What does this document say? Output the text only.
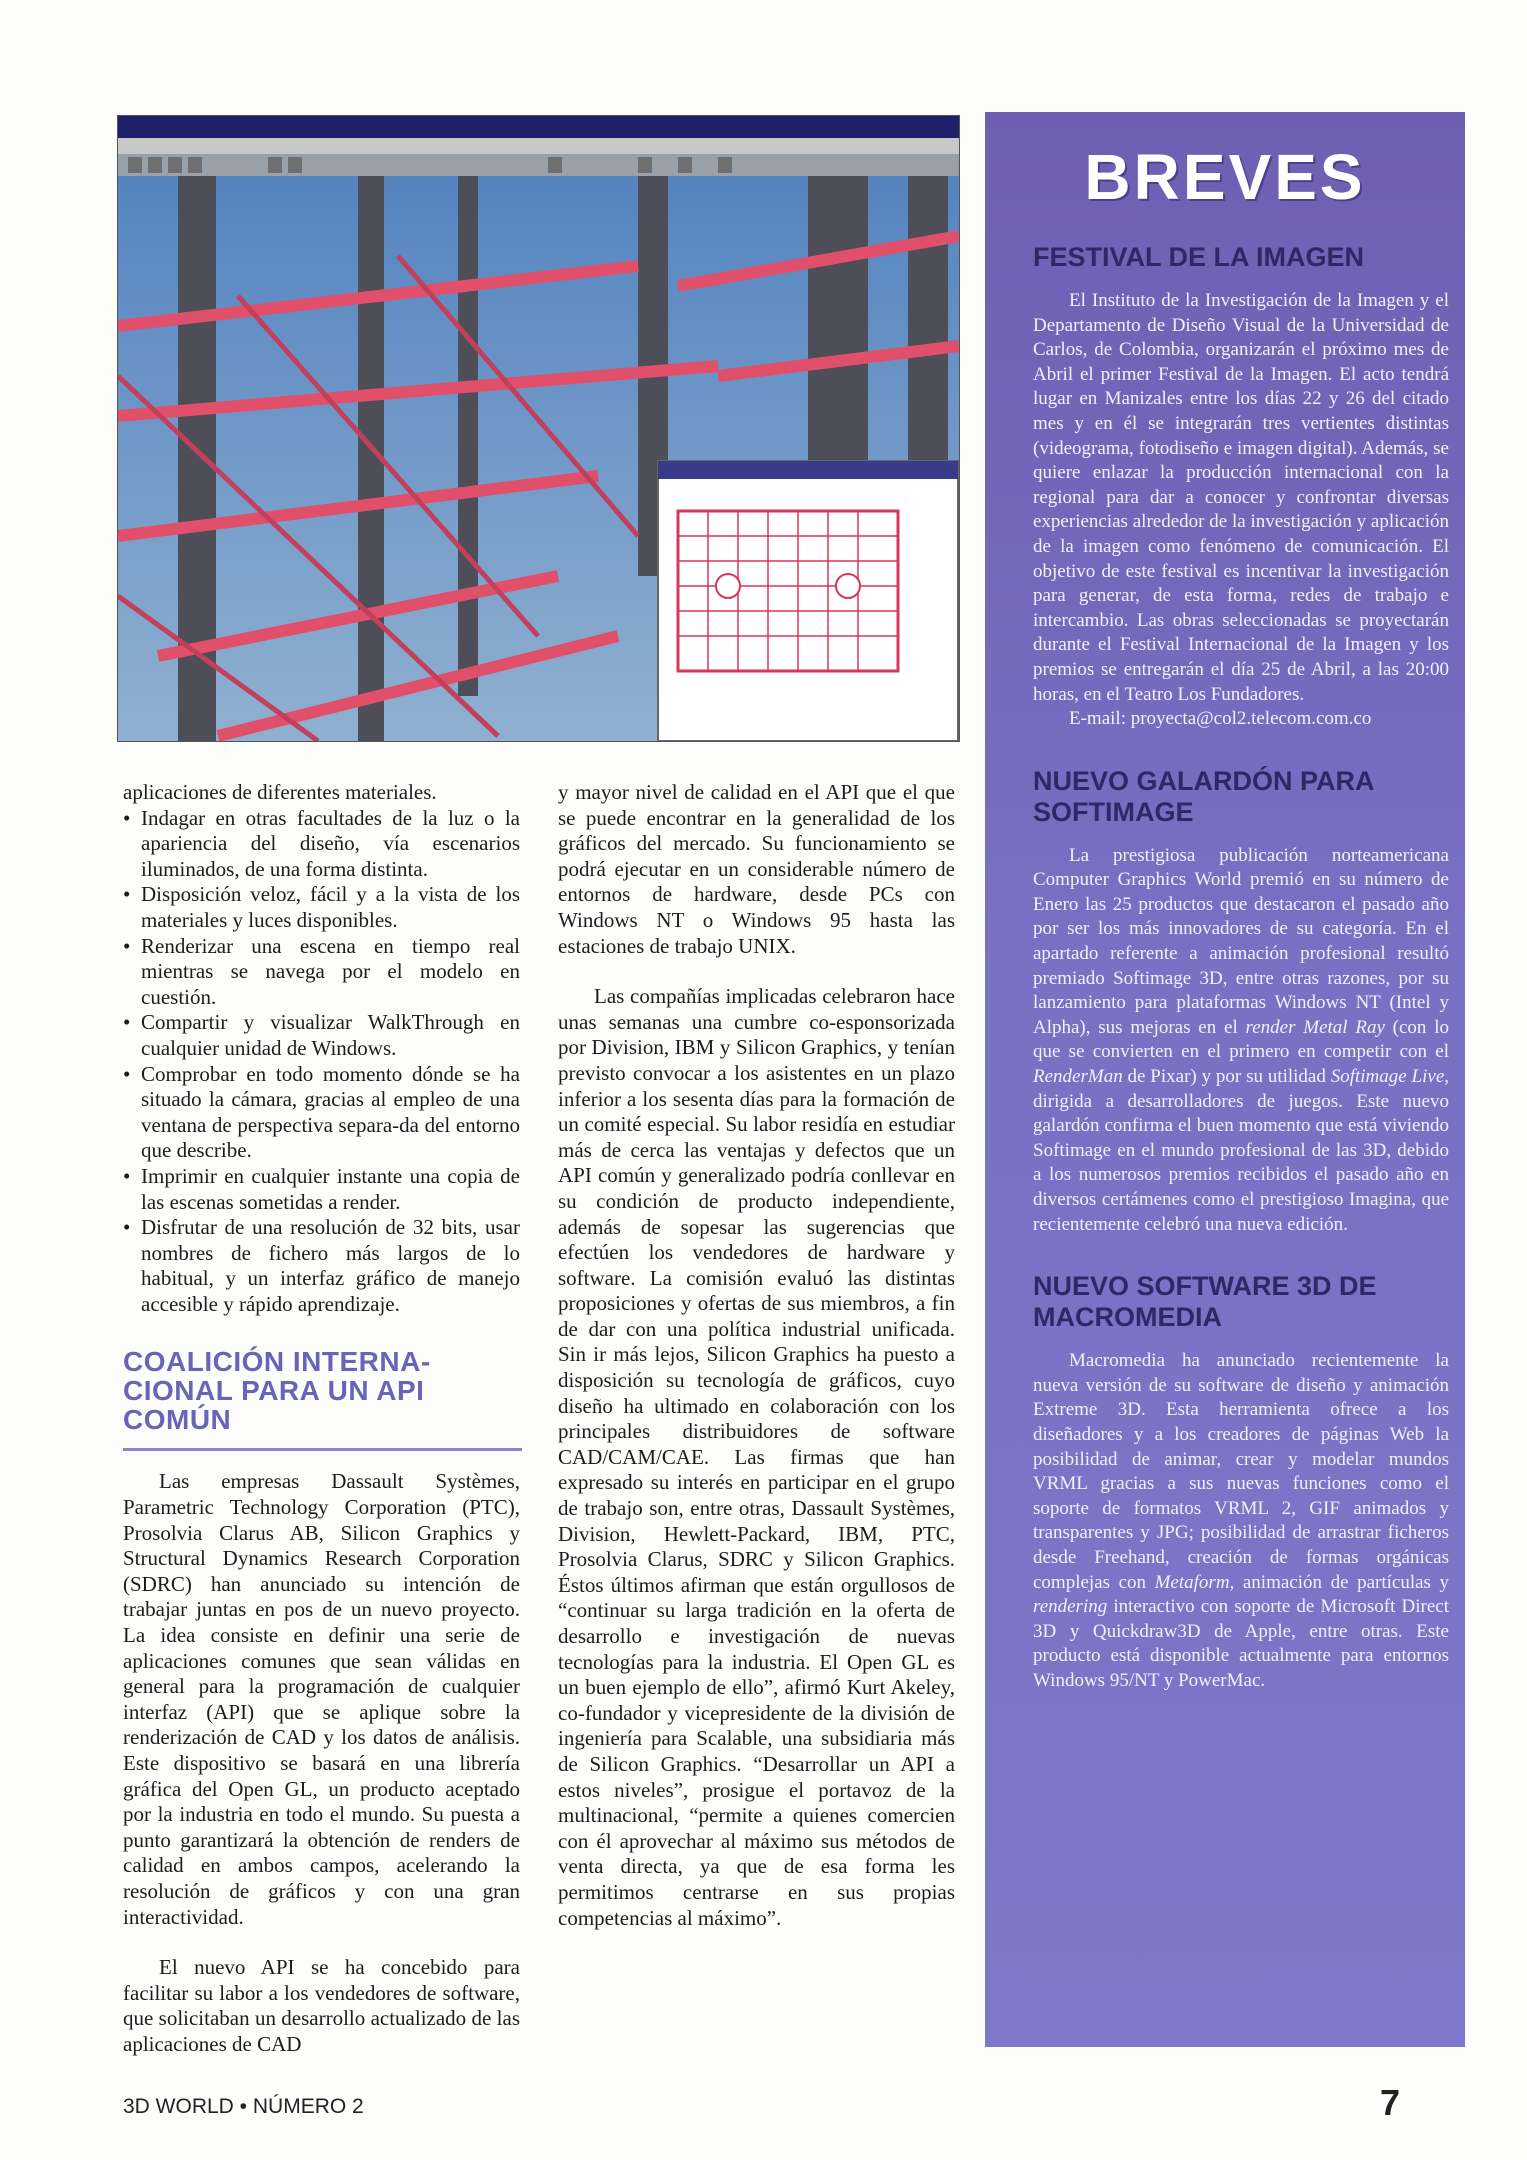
aplicaciones de diferentes materiales.

• Indagar en otras facultades de la luz o la apariencia del diseño, vía escenarios iluminados, de una forma distinta.
• Disposición veloz, fácil y a la vista de los materiales y luces disponibles.
• Renderizar una escena en tiempo real mientras se navega por el modelo en cuestión.
• Compartir y visualizar WalkThrough en cualquier unidad de Windows.
• Comprobar en todo momento dónde se ha situado la cámara, gracias al empleo de una ventana de perspectiva separa-da del entorno que describe.
• Imprimir en cualquier instante una copia de las escenas sometidas a render.
• Disfrutar de una resolución de 32 bits, usar nombres de fichero más largos de lo habitual, y un interfaz gráfico de manejo accesible y rápido aprendizaje.
COALICIÓN INTERNA-CIONAL PARA UN API COMÚN

Las empresas Dassault Systèmes, Parametric Technology Corporation (PTC), Prosolvia Clarus AB, Silicon Graphics y Structural Dynamics Research Corporation (SDRC) han anunciado su intención de trabajar juntas en pos de un nuevo proyecto. La idea consiste en definir una serie de aplicaciones comunes que sean válidas en general para la programación de cualquier interfaz (API) que se aplique sobre la renderización de CAD y los datos de análisis. Este dispositivo se basará en una librería gráfica del Open GL, un producto aceptado por la industria en todo el mundo. Su puesta a punto garantizará la obtención de renders de calidad en ambos campos, acelerando la resolución de gráficos y con una gran interactividad.

El nuevo API se ha concebido para facilitar su labor a los vendedores de software, que solicitaban un desarrollo actualizado de las aplicaciones de CAD

y mayor nivel de calidad en el API que el que se puede encontrar en la generalidad de los gráficos del mercado. Su funcionamiento se podrá ejecutar en un considerable número de entornos de hardware, desde PCs con Windows NT o Windows 95 hasta las estaciones de trabajo UNIX.

Las compañías implicadas celebraron hace unas semanas una cumbre co-esponsorizada por Division, IBM y Silicon Graphics, y tenían previsto convocar a los asistentes en un plazo inferior a los sesenta días para la formación de un comité especial. Su labor residía en estudiar más de cerca las ventajas y defectos que un API común y generalizado podría conllevar en su condición de producto independiente, además de sopesar las sugerencias que efectúen los vendedores de hardware y software. La comisión evaluó las distintas proposiciones y ofertas de sus miembros, a fin de dar con una política industrial unificada. Sin ir más lejos, Silicon Graphics ha puesto a disposición su tecnología de gráficos, cuyo diseño ha ultimado en colaboración con los principales distribuidores de software CAD/CAM/CAE. Las firmas que han expresado su interés en participar en el grupo de trabajo son, entre otras, Dassault Systèmes, Division, Hewlett-Packard, IBM, PTC, Prosolvia Clarus, SDRC y Silicon Graphics. Éstos últimos afirman que están orgullosos de “continuar su larga tradición en la oferta de desarrollo e investigación de nuevas tecnologías para la industria. El Open GL es un buen ejemplo de ello”, afirmó Kurt Akeley, co-fundador y vicepresidente de la división de ingeniería para Scalable, una subsidiaria más de Silicon Graphics. “Desarrollar un API a estos niveles”, prosigue el portavoz de la multinacional, “permite a quienes comercien con él aprovechar al máximo sus métodos de venta directa, ya que de esa forma les permitimos centrarse en sus propias competencias al máximo”.

BREVES
FESTIVAL DE LA IMAGEN

El Instituto de la Investigación de la Imagen y el Departamento de Diseño Visual de la Universidad de Carlos, de Colombia, organizarán el próximo mes de Abril el primer Festival de la Imagen. El acto tendrá lugar en Manizales entre los días 22 y 26 del citado mes y en él se integrarán tres vertientes distintas (videograma, fotodiseño e imagen digital). Además, se quiere enlazar la producción internacional con la regional para dar a conocer y confrontar diversas experiencias alrededor de la investigación y aplicación de la imagen como fenómeno de comunicación. El objetivo de este festival es incentivar la investigación para generar, de esta forma, redes de trabajo e intercambio. Las obras seleccionadas se proyectarán durante el Festival Internacional de la Imagen y los premios se entregarán el día 25 de Abril, a las 20:00 horas, en el Teatro Los Fundadores.

E-mail: proyecta@col2.telecom.com.co

NUEVO GALARDÓN PARA SOFTIMAGE

La prestigiosa publicación norteamericana Computer Graphics World premió en su número de Enero las 25 productos que destacaron el pasado año por ser los más innovadores de su categoría. En el apartado referente a animación profesional resultó premiado Softimage 3D, entre otras razones, por su lanzamiento para plataformas Windows NT (Intel y Alpha), sus mejoras en el render Metal Ray (con lo que se convierten en el primero en competir con el RenderMan de Pixar) y por su utilidad Softimage Live, dirigida a desarrolladores de juegos. Este nuevo galardón confirma el buen momento que está viviendo Softimage en el mundo profesional de las 3D, debido a los numerosos premios recibidos el pasado año en diversos certámenes como el prestigioso Imagina, que recientemente celebró una nueva edición.

NUEVO SOFTWARE 3D DE MACROMEDIA

Macromedia ha anunciado recientemente la nueva versión de su software de diseño y animación Extreme 3D. Esta herramienta ofrece a los diseñadores y a los creadores de páginas Web la posibilidad de animar, crear y modelar mundos VRML gracias a sus nuevas funciones como el soporte de formatos VRML 2, GIF animados y transparentes y JPG; posibilidad de arrastrar ficheros desde Freehand, creación de formas orgánicas complejas con Metaform, animación de partículas y rendering interactivo con soporte de Microsoft Direct 3D y Quickdraw3D de Apple, entre otras. Este producto está disponible actualmente para entornos Windows 95/NT y PowerMac.

3D WORLD • NÚMERO 2	7
